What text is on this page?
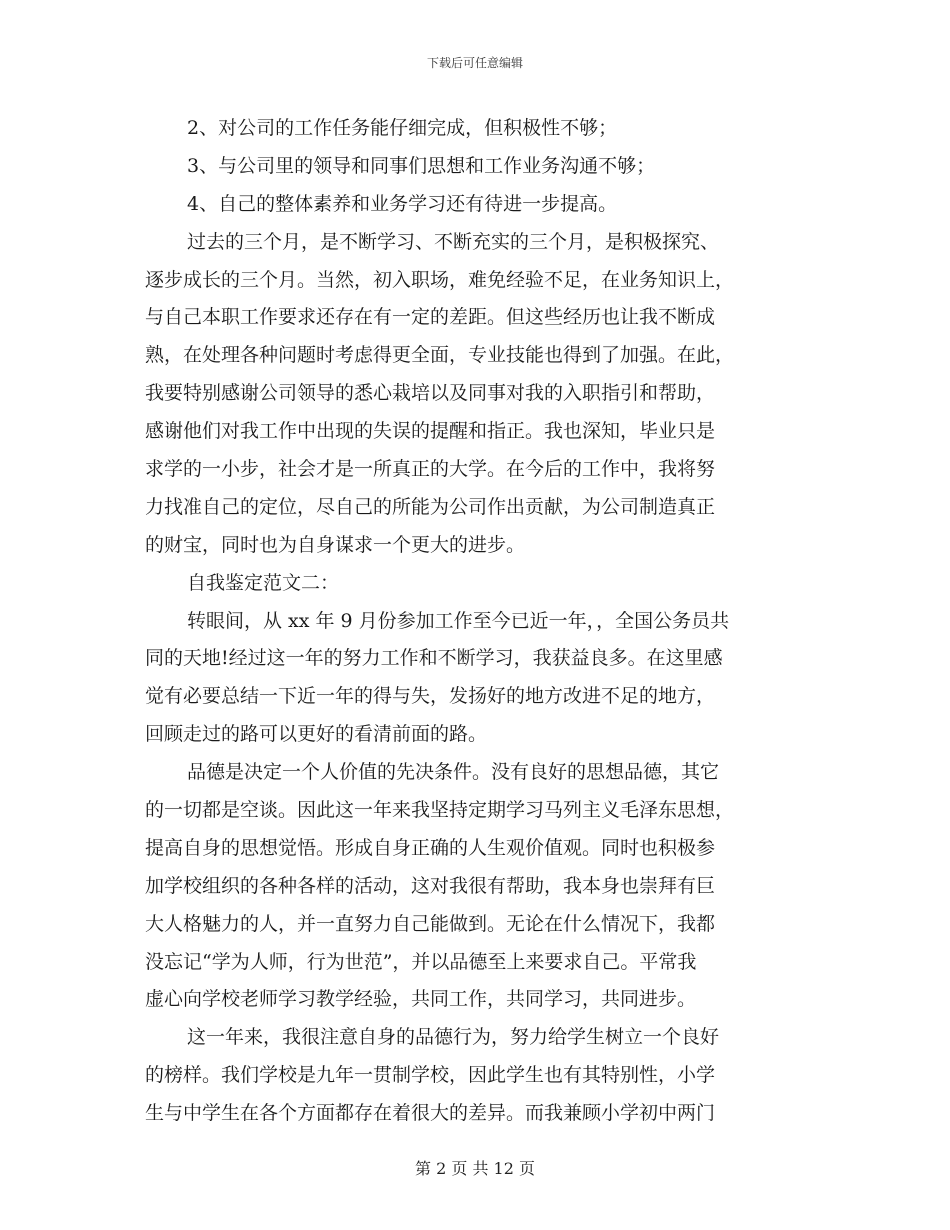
下载后可任意编辑
2、对公司的工作任务能仔细完成，但积极性不够；
3、与公司里的领导和同事们思想和工作业务沟通不够；
4、自己的整体素养和业务学习还有待进一步提高。
过去的三个月，是不断学习、不断充实的三个月，是积极探究、
逐步成长的三个月。当然，初入职场，难免经验不足，在业务知识上，
与自己本职工作要求还存在有一定的差距。但这些经历也让我不断成
熟，在处理各种问题时考虑得更全面，专业技能也得到了加强。在此，
我要特别感谢公司领导的悉心栽培以及同事对我的入职指引和帮助，
感谢他们对我工作中出现的失误的提醒和指正。我也深知，毕业只是
求学的一小步，社会才是一所真正的大学。在今后的工作中，我将努
力找准自己的定位，尽自己的所能为公司作出贡献，为公司制造真正
的财宝，同时也为自身谋求一个更大的进步。
自我鉴定范文二：
转眼间，从 xx 年 9 月份参加工作至今已近一年，，全国公务员共
同的天地!经过这一年的努力工作和不断学习，我获益良多。在这里感
觉有必要总结一下近一年的得与失，发扬好的地方改进不足的地方，
回顾走过的路可以更好的看清前面的路。
品德是决定一个人价值的先决条件。没有良好的思想品德，其它
的一切都是空谈。因此这一年来我坚持定期学习马列主义毛泽东思想，
提高自身的思想觉悟。形成自身正确的人生观价值观。同时也积极参
加学校组织的各种各样的活动，这对我很有帮助，我本身也崇拜有巨
大人格魅力的人，并一直努力自己能做到。无论在什么情况下，我都
没忘记“学为人师，行为世范”，并以品德至上来要求自己。平常我
虚心向学校老师学习教学经验，共同工作，共同学习，共同进步。
这一年来，我很注意自身的品德行为，努力给学生树立一个良好
的榜样。我们学校是九年一贯制学校，因此学生也有其特别性，小学
生与中学生在各个方面都存在着很大的差异。而我兼顾小学初中两门
第 2 页 共 12 页
